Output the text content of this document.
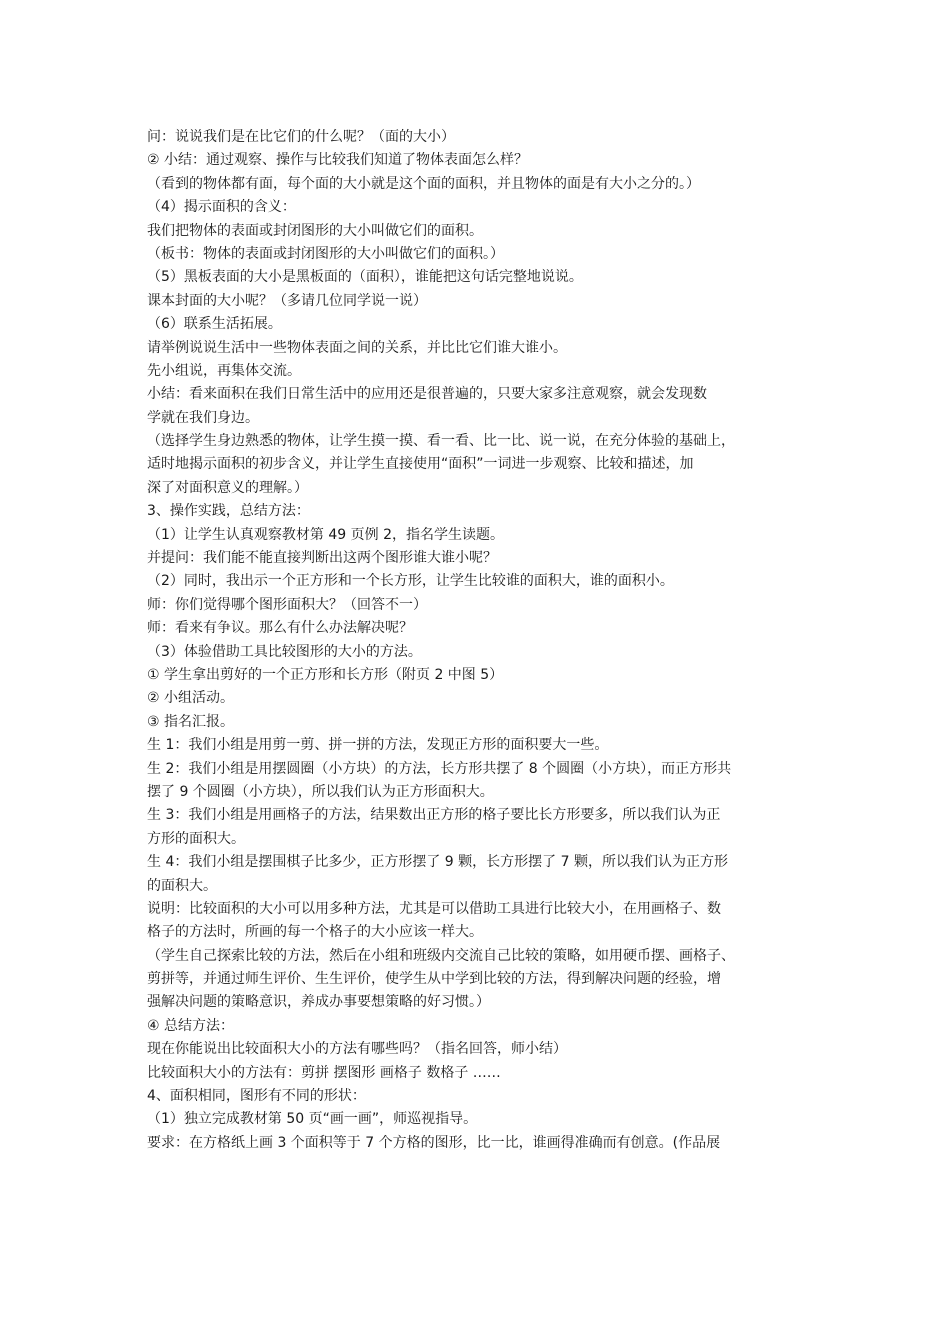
问：说说我们是在比它们的什么呢？（面的大小）
② 小结：通过观察、操作与比较我们知道了物体表面怎么样？
（看到的物体都有面，每个面的大小就是这个面的面积，并且物体的面是有大小之分的。）
（4）揭示面积的含义：
我们把物体的表面或封闭图形的大小叫做它们的面积。
（板书：物体的表面或封闭图形的大小叫做它们的面积。）
（5）黑板表面的大小是黑板面的（面积），谁能把这句话完整地说说。
课本封面的大小呢？（多请几位同学说一说）
（6）联系生活拓展。
请举例说说生活中一些物体表面之间的关系，并比比它们谁大谁小。
先小组说，再集体交流。
小结：看来面积在我们日常生活中的应用还是很普遍的，只要大家多注意观察，就会发现数
学就在我们身边。
（选择学生身边熟悉的物体，让学生摸一摸、看一看、比一比、说一说，在充分体验的基础上，
适时地揭示面积的初步含义，并让学生直接使用“面积”一词进一步观察、比较和描述，加
深了对面积意义的理解。）
3、操作实践，总结方法：
（1）让学生认真观察教材第 49 页例 2，指名学生读题。
并提问：我们能不能直接判断出这两个图形谁大谁小呢？
（2）同时，我出示一个正方形和一个长方形，让学生比较谁的面积大，谁的面积小。
师：你们觉得哪个图形面积大？（回答不一）
师：看来有争议。那么有什么办法解决呢？
（3）体验借助工具比较图形的大小的方法。
① 学生拿出剪好的一个正方形和长方形（附页 2 中图 5）
② 小组活动。
③ 指名汇报。
生 1：我们小组是用剪一剪、拼一拼的方法，发现正方形的面积要大一些。
生 2：我们小组是用摆圆圈（小方块）的方法，长方形共摆了 8 个圆圈（小方块），而正方形共
摆了 9 个圆圈（小方块），所以我们认为正方形面积大。
生 3：我们小组是用画格子的方法，结果数出正方形的格子要比长方形要多，所以我们认为正
方形的面积大。
生 4：我们小组是摆围棋子比多少，正方形摆了 9 颗，长方形摆了 7 颗，所以我们认为正方形
的面积大。
说明：比较面积的大小可以用多种方法，尤其是可以借助工具进行比较大小，在用画格子、数
格子的方法时，所画的每一个格子的大小应该一样大。
（学生自己探索比较的方法，然后在小组和班级内交流自己比较的策略，如用硬币摆、画格子、
剪拼等，并通过师生评价、生生评价，使学生从中学到比较的方法，得到解决问题的经验，增
强解决问题的策略意识，养成办事要想策略的好习惯。）
④ 总结方法：
现在你能说出比较面积大小的方法有哪些吗？（指名回答，师小结）
比较面积大小的方法有：剪拼 摆图形 画格子 数格子 ……
4、面积相同，图形有不同的形状：
（1）独立完成教材第 50 页“画一画”，师巡视指导。
要求：在方格纸上画 3 个面积等于 7 个方格的图形，比一比，谁画得准确而有创意。(作品展
